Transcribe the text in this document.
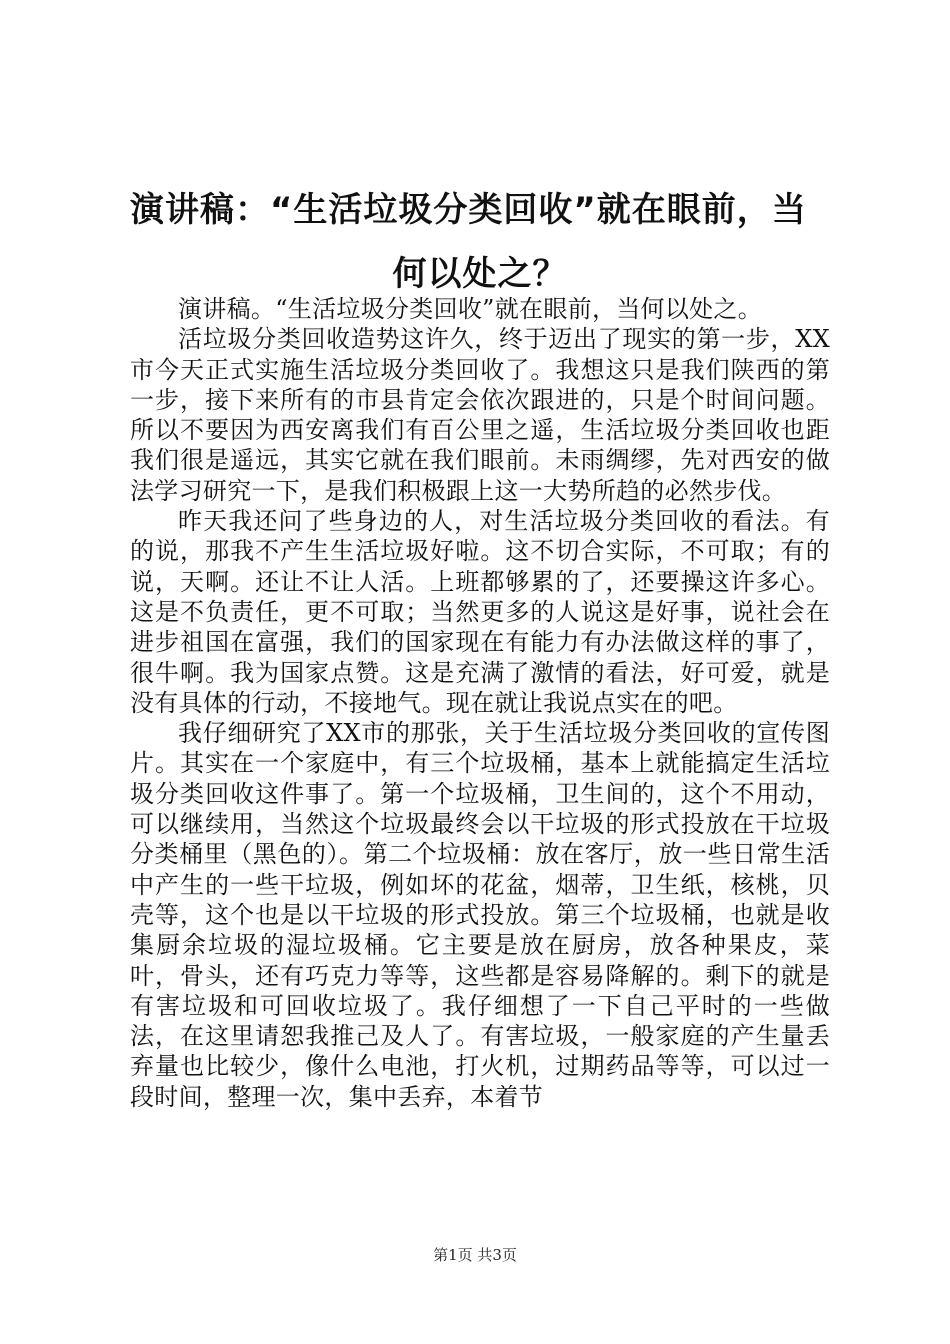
演讲稿：“生活垃圾分类回收”就在眼前，当
何以处之？

演讲稿。“生活垃圾分类回收”就在眼前，当何以处之。

活垃圾分类回收造势这许久，终于迈出了现实的第一步，XX市今天正式实施生活垃圾分类回收了。我想这只是我们陕西的第一步，接下来所有的市县肯定会依次跟进的，只是个时间问题。所以不要因为西安离我们有百公里之遥，生活垃圾分类回收也距我们很是遥远，其实它就在我们眼前。未雨绸缪，先对西安的做法学习研究一下，是我们积极跟上这一大势所趋的必然步伐。

昨天我还问了些身边的人，对生活垃圾分类回收的看法。有的说，那我不产生生活垃圾好啦。这不切合实际，不可取；有的说，天啊。还让不让人活。上班都够累的了，还要操这许多心。这是不负责任，更不可取；当然更多的人说这是好事，说社会在进步祖国在富强，我们的国家现在有能力有办法做这样的事了，很牛啊。我为国家点赞。这是充满了激情的看法，好可爱，就是没有具体的行动，不接地气。现在就让我说点实在的吧。

我仔细研究了XX市的那张，关于生活垃圾分类回收的宣传图片。其实在一个家庭中，有三个垃圾桶，基本上就能搞定生活垃圾分类回收这件事了。第一个垃圾桶，卫生间的，这个不用动，可以继续用，当然这个垃圾最终会以干垃圾的形式投放在干垃圾分类桶里（黑色的）。第二个垃圾桶：放在客厅，放一些日常生活中产生的一些干垃圾，例如坏的花盆，烟蒂，卫生纸，核桃，贝壳等，这个也是以干垃圾的形式投放。第三个垃圾桶，也就是收集厨余垃圾的湿垃圾桶。它主要是放在厨房，放各种果皮，菜叶，骨头，还有巧克力等等，这些都是容易降解的。剩下的就是有害垃圾和可回收垃圾了。我仔细想了一下自己平时的一些做法，在这里请恕我推己及人了。有害垃圾，一般家庭的产生量丢弃量也比较少，像什么电池，打火机，过期药品等等，可以过一段时间，整理一次，集中丢弃，本着节

第1页 共3页
